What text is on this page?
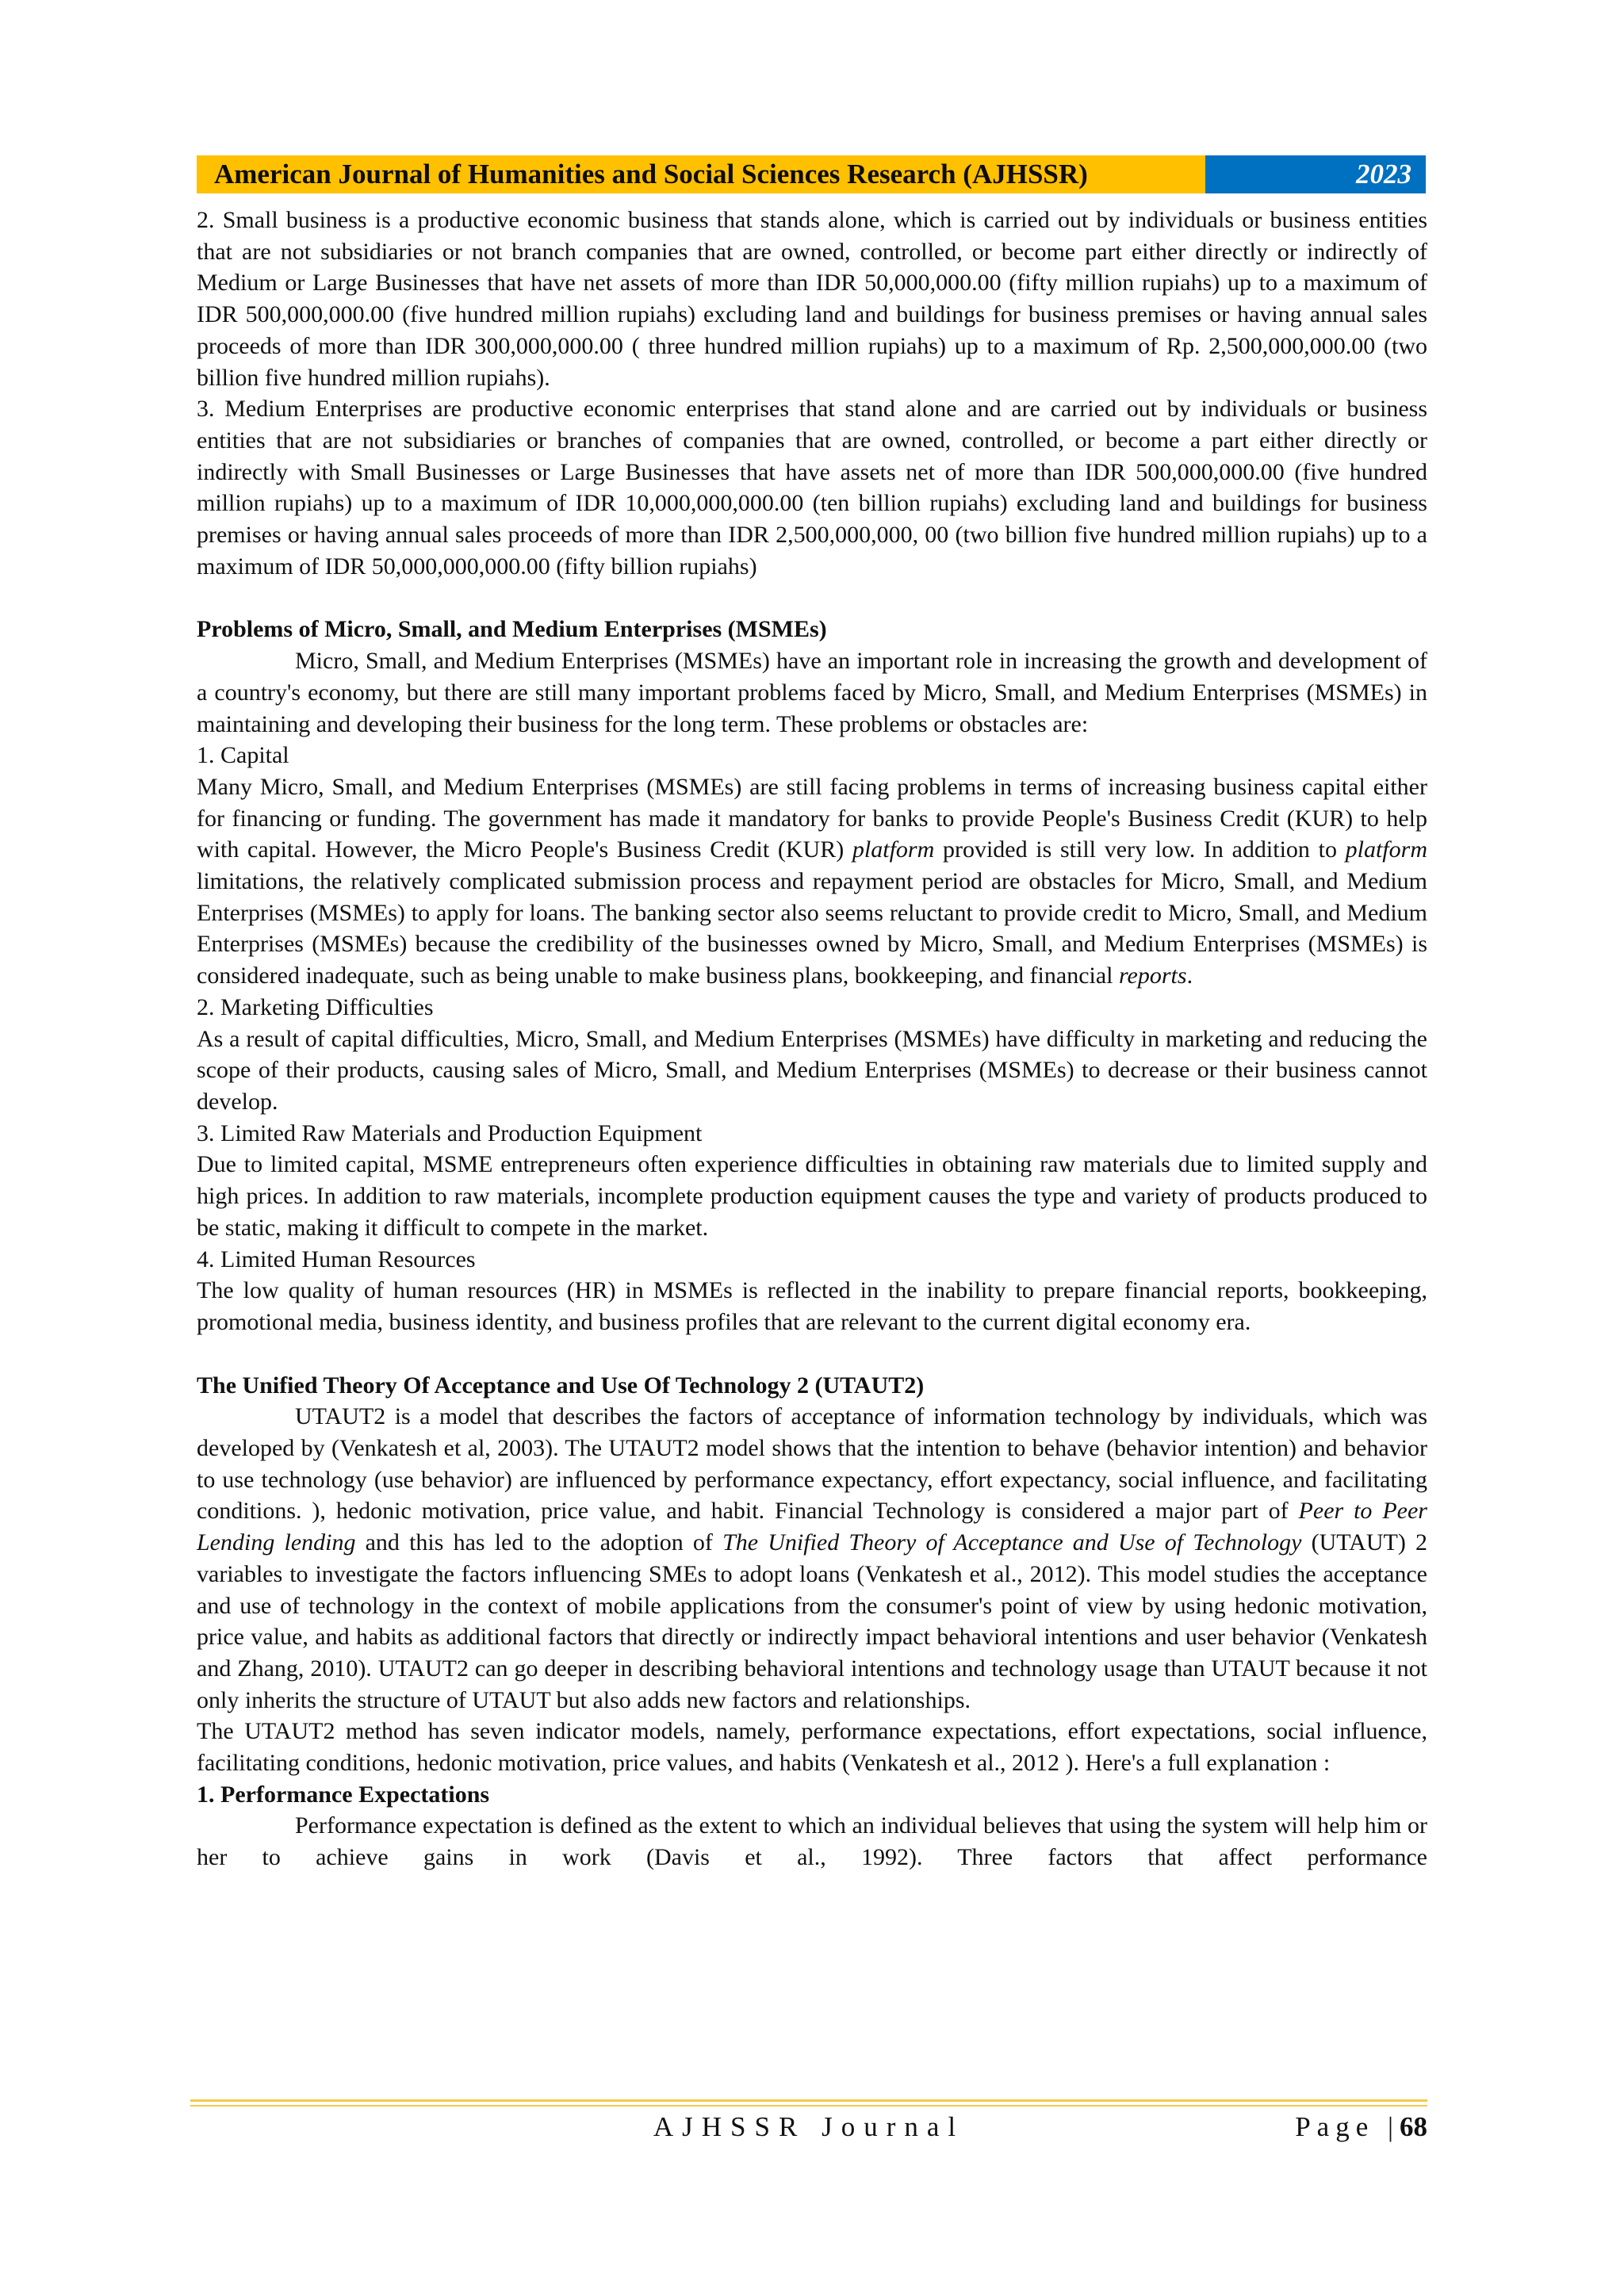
American Journal of Humanities and Social Sciences Research (AJHSSR)	2023

2. Small business is a productive economic business that stands alone, which is carried out by individuals or business entities that are not subsidiaries or not branch companies that are owned, controlled, or become part either directly or indirectly of Medium or Large Businesses that have net assets of more than IDR 50,000,000.00 (fifty million rupiahs) up to a maximum of IDR 500,000,000.00 (five hundred million rupiahs) excluding land and buildings for business premises or having annual sales proceeds of more than IDR 300,000,000.00 ( three hundred million rupiahs) up to a maximum of Rp. 2,500,000,000.00 (two billion five hundred million rupiahs).

3. Medium Enterprises are productive economic enterprises that stand alone and are carried out by individuals or business entities that are not subsidiaries or branches of companies that are owned, controlled, or become a part either directly or indirectly with Small Businesses or Large Businesses that have assets net of more than IDR 500,000,000.00 (five hundred million rupiahs) up to a maximum of IDR 10,000,000,000.00 (ten billion rupiahs) excluding land and buildings for business premises or having annual sales proceeds of more than IDR 2,500,000,000, 00 (two billion five hundred million rupiahs) up to a maximum of IDR 50,000,000,000.00 (fifty billion rupiahs)

Problems of Micro, Small, and Medium Enterprises (MSMEs)

Micro, Small, and Medium Enterprises (MSMEs) have an important role in increasing the growth and development of a country's economy, but there are still many important problems faced by Micro, Small, and Medium Enterprises (MSMEs) in maintaining and developing their business for the long term. These problems or obstacles are:

1. Capital

Many Micro, Small, and Medium Enterprises (MSMEs) are still facing problems in terms of increasing business capital either for financing or funding. The government has made it mandatory for banks to provide People's Business Credit (KUR) to help with capital. However, the Micro People's Business Credit (KUR) platform provided is still very low. In addition to platform limitations, the relatively complicated submission process and repayment period are obstacles for Micro, Small, and Medium Enterprises (MSMEs) to apply for loans. The banking sector also seems reluctant to provide credit to Micro, Small, and Medium Enterprises (MSMEs) because the credibility of the businesses owned by Micro, Small, and Medium Enterprises (MSMEs) is considered inadequate, such as being unable to make business plans, bookkeeping, and financial reports.

2. Marketing Difficulties

As a result of capital difficulties, Micro, Small, and Medium Enterprises (MSMEs) have difficulty in marketing and reducing the scope of their products, causing sales of Micro, Small, and Medium Enterprises (MSMEs) to decrease or their business cannot develop.

3. Limited Raw Materials and Production Equipment

Due to limited capital, MSME entrepreneurs often experience difficulties in obtaining raw materials due to limited supply and high prices. In addition to raw materials, incomplete production equipment causes the type and variety of products produced to be static, making it difficult to compete in the market.

4. Limited Human Resources

The low quality of human resources (HR) in MSMEs is reflected in the inability to prepare financial reports, bookkeeping, promotional media, business identity, and business profiles that are relevant to the current digital economy era.

The Unified Theory Of Acceptance and Use Of Technology 2 (UTAUT2)

UTAUT2 is a model that describes the factors of acceptance of information technology by individuals, which was developed by (Venkatesh et al, 2003). The UTAUT2 model shows that the intention to behave (behavior intention) and behavior to use technology (use behavior) are influenced by performance expectancy, effort expectancy, social influence, and facilitating conditions. ), hedonic motivation, price value, and habit. Financial Technology is considered a major part of Peer to Peer Lending lending and this has led to the adoption of The Unified Theory of Acceptance and Use of Technology (UTAUT) 2 variables to investigate the factors influencing SMEs to adopt loans (Venkatesh et al., 2012). This model studies the acceptance and use of technology in the context of mobile applications from the consumer's point of view by using hedonic motivation, price value, and habits as additional factors that directly or indirectly impact behavioral intentions and user behavior (Venkatesh and Zhang, 2010). UTAUT2 can go deeper in describing behavioral intentions and technology usage than UTAUT because it not only inherits the structure of UTAUT but also adds new factors and relationships.

The UTAUT2 method has seven indicator models, namely, performance expectations, effort expectations, social influence, facilitating conditions, hedonic motivation, price values, and habits (Venkatesh et al., 2012 ). Here's a full explanation :

1. Performance Expectations

Performance expectation is defined as the extent to which an individual believes that using the system will help him or her to achieve gains in work (Davis et al., 1992). Three factors that affect performance

AJHSSR Journal	Page |68
